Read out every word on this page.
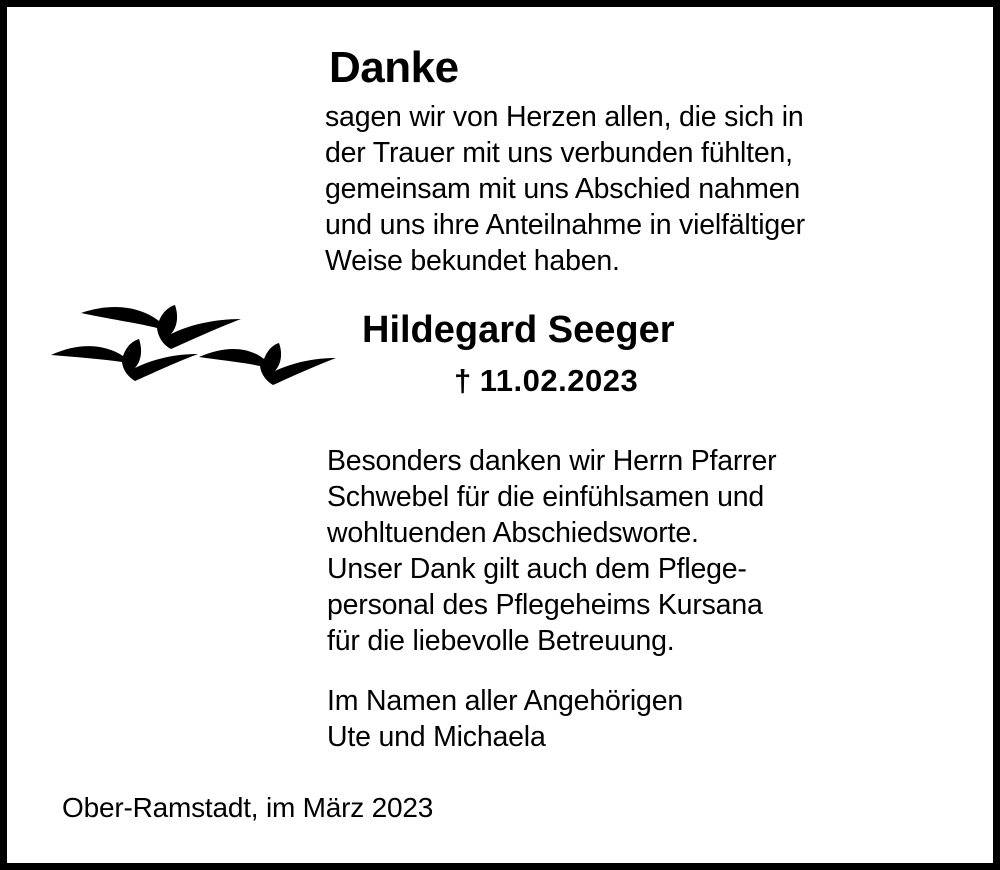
Danke
sagen wir von Herzen allen, die sich in
der Trauer mit uns verbunden fühlten,
gemeinsam mit uns Abschied nahmen
und uns ihre Anteilnahme in vielfältiger
Weise bekundet haben.
Hildegard Seeger
† 11.02.2023
Besonders danken wir Herrn Pfarrer
Schwebel für die einfühlsamen und
wohltuenden Abschiedsworte.
Unser Dank gilt auch dem Pflege-
personal des Pflegeheims Kursana
für die liebevolle Betreuung.
Im Namen aller Angehörigen
Ute und Michaela
Ober-Ramstadt, im März 2023
